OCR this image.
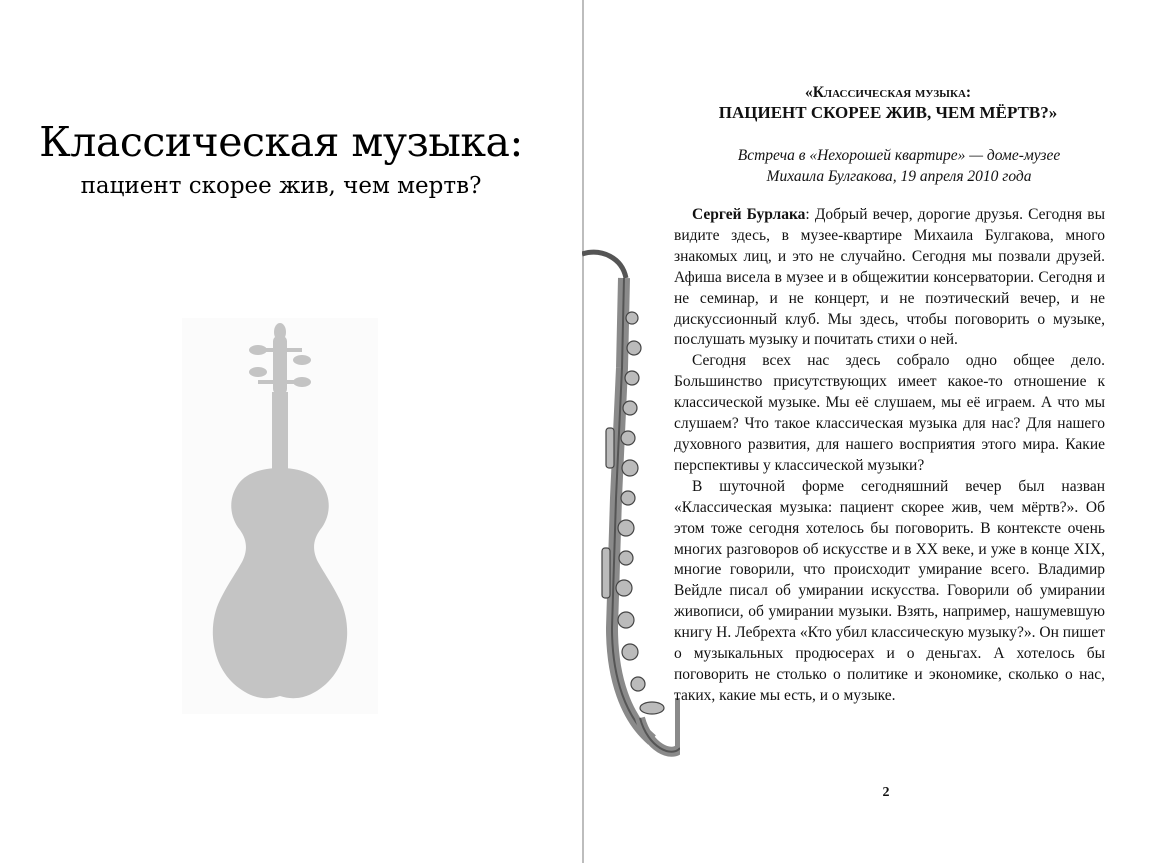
Классическая музыка:
пациент скорее жив, чем мертв?
«Классическая музыка:
ПАЦИЕНТ СКОРЕЕ ЖИВ, ЧЕМ МЁРТВ?»
Встреча в «Нехорошей квартире» — доме-музее
Михаила Булгакова, 19 апреля 2010 года

Сергей Бурлака: Добрый вечер, дорогие друзья. Сегодня вы видите здесь, в музее-квартире Михаила Булгакова, много знакомых лиц, и это не случайно. Сегодня мы позвали друзей. Афиша висела в музее и в общежитии консерватории. Сегодня и не семинар, и не концерт, и не поэтический вечер, и не дискуссионный клуб. Мы здесь, чтобы поговорить о музыке, послушать музыку и почитать стихи о ней.

Сегодня всех нас здесь собрало одно общее дело. Большинство присутствующих имеет какое-то отношение к классической музыке. Мы её слушаем, мы её играем. А что мы слушаем? Что такое классическая музыка для нас? Для нашего духовного развития, для нашего восприятия этого мира. Какие перспективы у классической музыки?

В шуточной форме сегодняшний вечер был назван «Классическая музыка: пациент скорее жив, чем мёртв?». Об этом тоже сегодня хотелось бы поговорить. В контексте очень многих разговоров об искусстве и в XX веке, и уже в конце XIX, многие говорили, что происходит умирание всего. Владимир Вейдле писал об умирании искусства. Говорили об умирании живописи, об умирании музыки. Взять, например, нашумевшую книгу Н. Лебрехта «Кто убил классическую музыку?». Он пишет о музыкальных продюсерах и о деньгах. А хотелось бы поговорить не столько о политике и экономике, сколько о нас, таких, какие мы есть, и о музыке.

2
